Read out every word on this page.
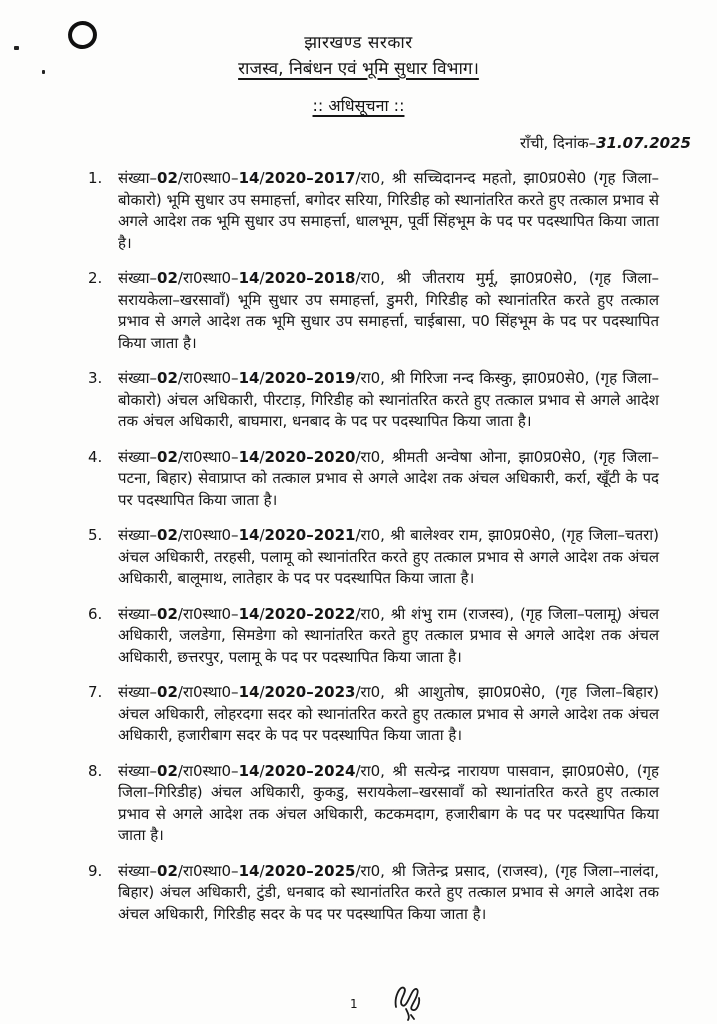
झारखण्ड सरकार
राजस्व, निबंधन एवं भूमि सुधार विभाग।
:: अधिसूचना ::
राँची, दिनांक–31.07.2025
1.	संख्या–02/रा0स्था0–14/2020–2017/रा0, श्री सच्चिदानन्द महतो, झा0प्र0से0 (गृह जिला–बोकारो) भूमि सुधार उप समाहर्त्ता, बगोदर सरिया, गिरिडीह को स्थानांतरित करते हुए तत्काल प्रभाव से अगले आदेश तक भूमि सुधार उप समाहर्त्ता, धालभूम, पूर्वी सिंहभूम के पद पर पदस्थापित किया जाता है।

2.	संख्या–02/रा0स्था0–14/2020–2018/रा0, श्री जीतराय मुर्मू, झा0प्र0से0, (गृह जिला–सरायकेला–खरसावाँ) भूमि सुधार उप समाहर्त्ता, डुमरी, गिरिडीह को स्थानांतरित करते हुए तत्काल प्रभाव से अगले आदेश तक भूमि सुधार उप समाहर्त्ता, चाईबासा, प0 सिंहभूम के पद पर पदस्थापित किया जाता है।

3.	संख्या–02/रा0स्था0–14/2020–2019/रा0, श्री गिरिजा नन्द किस्कु, झा0प्र0से0, (गृह जिला–बोकारो) अंचल अधिकारी, पीरटाड़, गिरिडीह को स्थानांतरित करते हुए तत्काल प्रभाव से अगले आदेश तक अंचल अधिकारी, बाघमारा, धनबाद के पद पर पदस्थापित किया जाता है।

4.	संख्या–02/रा0स्था0–14/2020–2020/रा0, श्रीमती अन्वेषा ओना, झा0प्र0से0, (गृह जिला–पटना, बिहार) सेवाप्राप्त को तत्काल प्रभाव से अगले आदेश तक अंचल अधिकारी, कर्रा, खूँटी के पद पर पदस्थापित किया जाता है।

5.	संख्या–02/रा0स्था0–14/2020–2021/रा0, श्री बालेश्वर राम, झा0प्र0से0, (गृह जिला–चतरा) अंचल अधिकारी, तरहसी, पलामू को स्थानांतरित करते हुए तत्काल प्रभाव से अगले आदेश तक अंचल अधिकारी, बालूमाथ, लातेहार के पद पर पदस्थापित किया जाता है।

6.	संख्या–02/रा0स्था0–14/2020–2022/रा0, श्री शंभु राम (राजस्व), (गृह जिला–पलामू) अंचल अधिकारी, जलडेगा, सिमडेगा को स्थानांतरित करते हुए तत्काल प्रभाव से अगले आदेश तक अंचल अधिकारी, छत्तरपुर, पलामू के पद पर पदस्थापित किया जाता है।

7.	संख्या–02/रा0स्था0–14/2020–2023/रा0, श्री आशुतोष, झा0प्र0से0, (गृह जिला–बिहार) अंचल अधिकारी, लोहरदगा सदर को स्थानांतरित करते हुए तत्काल प्रभाव से अगले आदेश तक अंचल अधिकारी, हजारीबाग सदर के पद पर पदस्थापित किया जाता है।

8.	संख्या–02/रा0स्था0–14/2020–2024/रा0, श्री सत्येन्द्र नारायण पासवान, झा0प्र0से0, (गृह जिला–गिरिडीह) अंचल अधिकारी, कुकडु, सरायकेला–खरसावाँ को स्थानांतरित करते हुए तत्काल प्रभाव से अगले आदेश तक अंचल अधिकारी, कटकमदाग, हजारीबाग के पद पर पदस्थापित किया जाता है।

9.	संख्या–02/रा0स्था0–14/2020–2025/रा0, श्री जितेन्द्र प्रसाद, (राजस्व), (गृह जिला–नालंदा, बिहार) अंचल अधिकारी, टुंडी, धनबाद को स्थानांतरित करते हुए तत्काल प्रभाव से अगले आदेश तक अंचल अधिकारी, गिरिडीह सदर के पद पर पदस्थापित किया जाता है।

1
